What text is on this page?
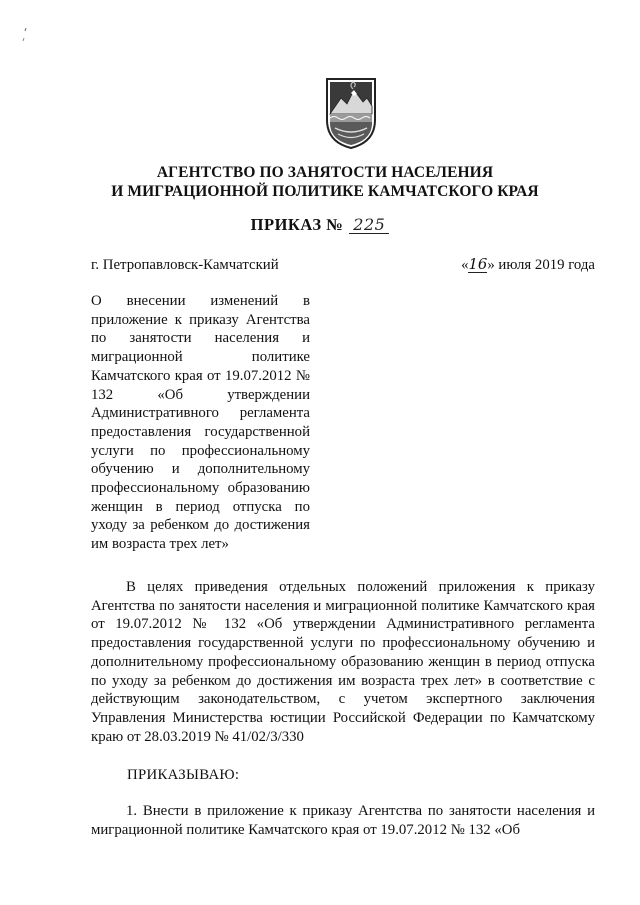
АГЕНТСТВО ПО ЗАНЯТОСТИ НАСЕЛЕНИЯ
И МИГРАЦИОННОЙ ПОЛИТИКЕ КАМЧАТСКОГО КРАЯ
ПРИКАЗ № 225
г. Петропавловск-Камчатский	«16» июля 2019 года
О внесении изменений в приложение к приказу Агентства по занятости населения и миграционной политике Камчатского края от 19.07.2012 № 132 «Об утверждении Административного регламента предоставления государственной услуги по профессиональному обучению и дополнительному профессиональному образованию женщин в период отпуска по уходу за ребенком до достижения им возраста трех лет»
В целях приведения отдельных положений приложения к приказу Агентства по занятости населения и миграционной политике Камчатского края от 19.07.2012 № 132 «Об утверждении Административного регламента предоставления государственной услуги по профессиональному обучению и дополнительному профессиональному образованию женщин в период отпуска по уходу за ребенком до достижения им возраста трех лет» в соответствие с действующим законодательством, с учетом экспертного заключения Управления Министерства юстиции Российской Федерации по Камчатскому краю от 28.03.2019 № 41/02/3/330
ПРИКАЗЫВАЮ:
1. Внести в приложение к приказу Агентства по занятости населения и миграционной политике Камчатского края от 19.07.2012 № 132 «Об
